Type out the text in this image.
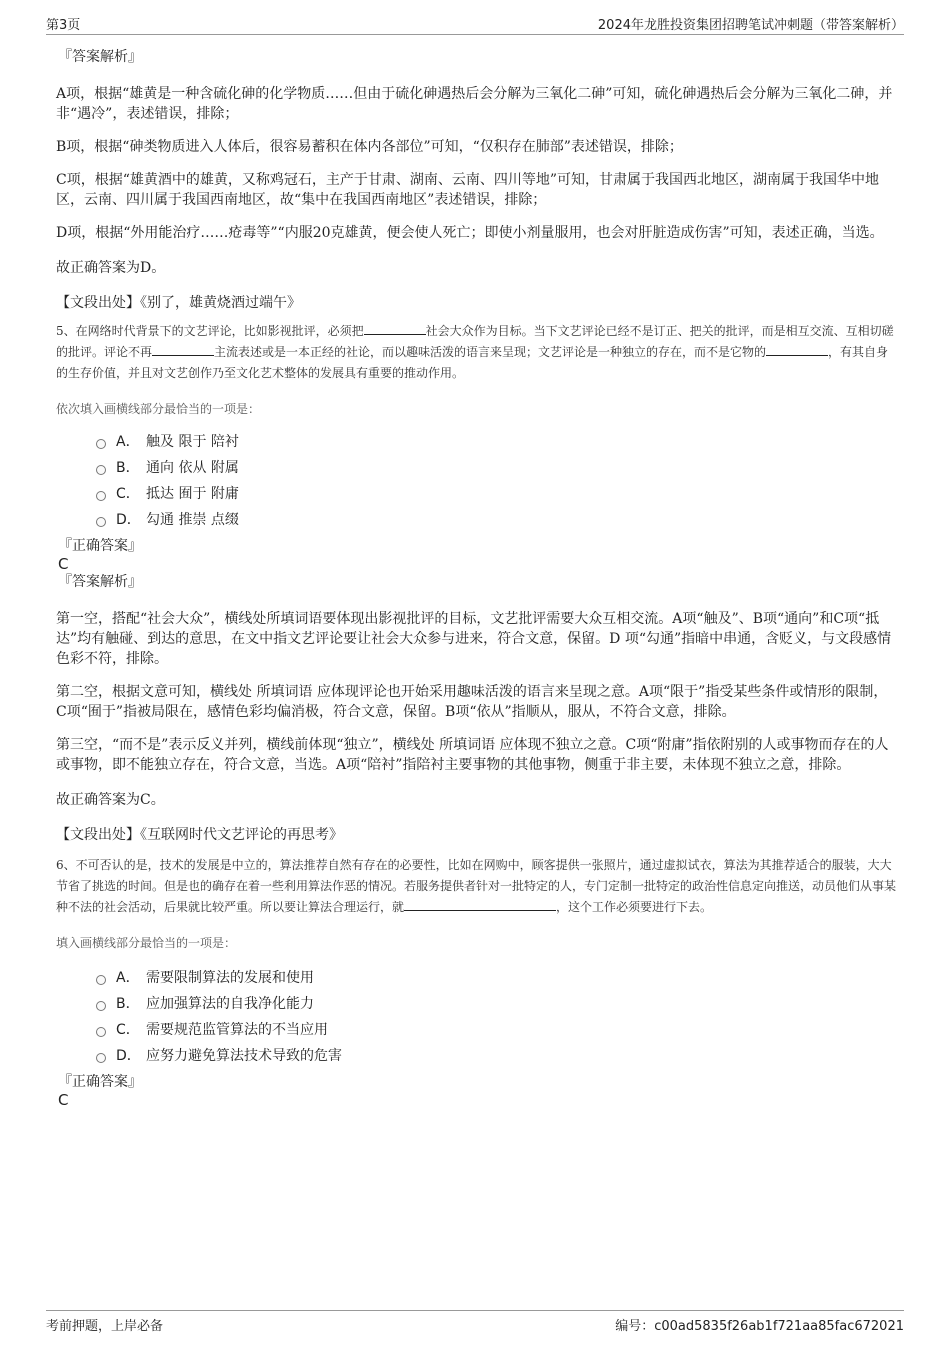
第3页	2024年龙胜投资集团招聘笔试冲刺题（带答案解析）
『答案解析』

A项，根据“雄黄是一种含硫化砷的化学物质……但由于硫化砷遇热后会分解为三氧化二砷”可知，硫化砷遇热后会分解为三氧化二砷，并非“遇冷”，表述错误，排除；

B项，根据“砷类物质进入人体后，很容易蓄积在体内各部位”可知，“仅积存在肺部”表述错误，排除；

C项，根据“雄黄酒中的雄黄，又称鸡冠石，主产于甘肃、湖南、云南、四川等地”可知，甘肃属于我国西北地区，湖南属于我国华中地区，云南、四川属于我国西南地区，故“集中在我国西南地区”表述错误，排除；

D项，根据“外用能治疗……疮毒等”“内服20克雄黄，便会使人死亡；即使小剂量服用，也会对肝脏造成伤害”可知，表述正确，当选。

故正确答案为D。

【文段出处】《别了，雄黄烧酒过端午》

5、在网络时代背景下的文艺评论，比如影视批评，必须把	社会大众作为目标。当下文艺评论已经不是订正、把关的批评，而是相互交流、互相切磋的批评。评论不再	主流表述或是一本正经的社论，而以趣味活泼的语言来呈现；文艺评论是一种独立的存在，而不是它物的	，有其自身的生存价值，并且对文艺创作乃至文化艺术整体的发展具有重要的推动作用。

依次填入画横线部分最恰当的一项是：

A． 触及 限于 陪衬
B． 通向 依从 附属
C． 抵达 囿于 附庸
D． 勾通 推崇 点缀
『正确答案』
C
『答案解析』

第一空，搭配“社会大众”，横线处所填词语要体现出影视批评的目标，文艺批评需要大众互相交流。A项“触及”、B项“通向”和C项“抵达”均有触碰、到达的意思，在文中指文艺评论要让社会大众参与进来，符合文意，保留。D 项“勾通”指暗中串通，含贬义，与文段感情色彩不符，排除。

第二空，根据文意可知，横线处 所填词语 应体现评论也开始采用趣味活泼的语言来呈现之意。A项“限于”指受某些条件或情形的限制，C项“囿于”指被局限在，感情色彩均偏消极，符合文意，保留。B项“依从”指顺从，服从，不符合文意，排除。

第三空，“而不是”表示反义并列，横线前体现“独立”，横线处 所填词语 应体现不独立之意。C项“附庸”指依附别的人或事物而存在的人或事物，即不能独立存在，符合文意，当选。A项“陪衬”指陪衬主要事物的其他事物，侧重于非主要，未体现不独立之意，排除。

故正确答案为C。

【文段出处】《互联网时代文艺评论的再思考》

6、不可否认的是，技术的发展是中立的，算法推荐自然有存在的必要性，比如在网购中，顾客提供一张照片，通过虚拟试衣，算法为其推荐适合的服装，大大节省了挑选的时间。但是也的确存在着一些利用算法作恶的情况。若服务提供者针对一批特定的人，专门定制一批特定的政治性信息定向推送，动员他们从事某种不法的社会活动，后果就比较严重。所以要让算法合理运行，就	，这个工作必须要进行下去。

填入画横线部分最恰当的一项是：

A． 需要限制算法的发展和使用
B． 应加强算法的自我净化能力
C． 需要规范监管算法的不当应用
D． 应努力避免算法技术导致的危害
『正确答案』
C
考前押题，上岸必备	编号：c00ad5835f26ab1f721aa85fac672021
